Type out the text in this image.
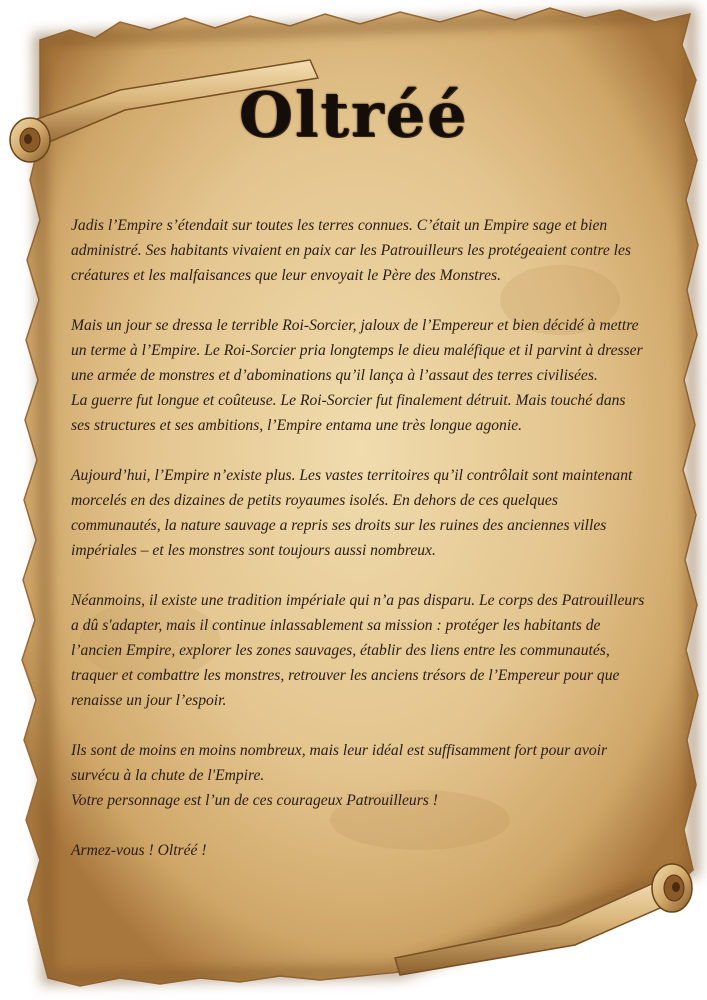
Oltréé

Jadis l’Empire s’étendait sur toutes les terres connues. C’était un Empire sage et bien administré. Ses habitants vivaient en paix car les Patrouilleurs les protégeaient contre les créatures et les malfaisances que leur envoyait le Père des Monstres.

Mais un jour se dressa le terrible Roi-Sorcier, jaloux de l’Empereur et bien décidé à mettre un terme à l’Empire. Le Roi-Sorcier pria longtemps le dieu maléfique et il parvint à dresser une armée de monstres et d’abominations qu’il lança à l’assaut des terres civilisées.

La guerre fut longue et coûteuse. Le Roi-Sorcier fut finalement détruit. Mais touché dans ses structures et ses ambitions, l’Empire entama une très longue agonie.

Aujourd’hui, l’Empire n’existe plus. Les vastes territoires qu’il contrôlait sont maintenant morcelés en des dizaines de petits royaumes isolés. En dehors de ces quelques communautés, la nature sauvage a repris ses droits sur les ruines des anciennes villes impériales – et les monstres sont toujours aussi nombreux.

Néanmoins, il existe une tradition impériale qui n’a pas disparu. Le corps des Patrouilleurs a dû s'adapter, mais il continue inlassablement sa mission : protéger les habitants de l’ancien Empire, explorer les zones sauvages, établir des liens entre les communautés, traquer et combattre les monstres, retrouver les anciens trésors de l’Empereur pour que renaisse un jour l’espoir.

Ils sont de moins en moins nombreux, mais leur idéal est suffisamment fort pour avoir survécu à la chute de l'Empire.

Votre personnage est l’un de ces courageux Patrouilleurs !

Armez-vous ! Oltréé !
